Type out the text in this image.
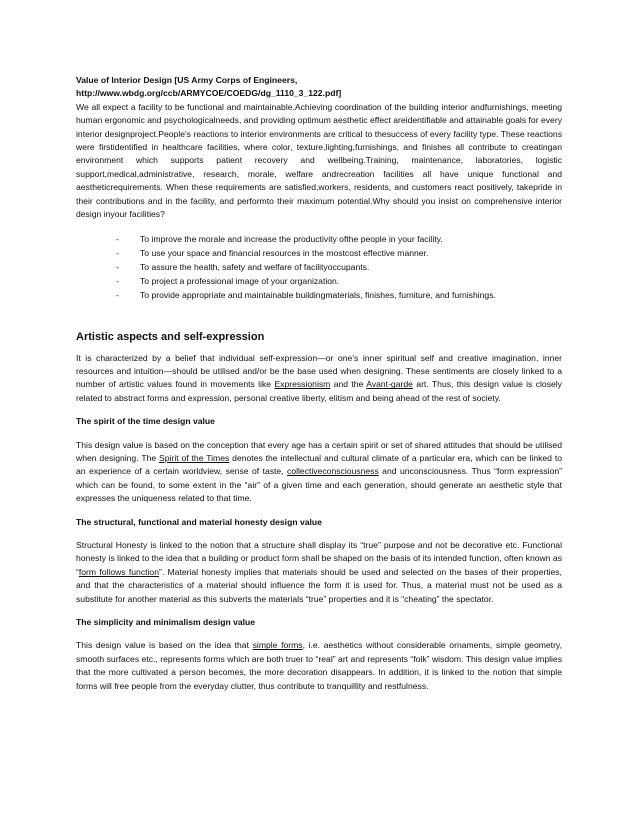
Value of Interior Design [US Army Corps of Engineers,
http://www.wbdg.org/ccb/ARMYCOE/COEDG/dg_1110_3_122.pdf]

We all expect a facility to be functional and maintainable.Achieving coordination of the building interior andfurnishings, meeting human ergonomic and psychologicalneeds, and providing optimum aesthetic effect areidentifiable and attainable goals for every interior designproject.People's reactions to interior environments are critical to thesuccess of every facility type. These reactions were firstidentified in healthcare facilities, where color, texture,lighting,furnishings, and finishes all contribute to creatingan environment which supports patient recovery and wellbeing.Training, maintenance, laboratories, logistic support,medical,administrative, research, morale, welfare andrecreation facilities all have unique functional and aestheticrequirements. When these requirements are satisfied,workers, residents, and customers react positively, takepride in their contributions and in the facility, and performto their maximum potential.Why should you insist on comprehensive interior design inyour facilities?

- To improve the morale and increase the productivity ofthe people in your facility.
- To use your space and financial resources in the mostcost effective manner.
- To assure the health, safety and welfare of facilityoccupants.
- To project a professional image of your organization.
- To provide appropriate and maintainable buildingmaterials, finishes, furniture, and furnishings.
Artistic aspects and self-expression

It is characterized by a belief that individual self-expression—or one’s inner spiritual self and creative imagination, inner resources and intuition—should be utilised and/or be the base used when designing. These sentiments are closely linked to a number of artistic values found in movements like Expressionism and the Avant-garde art. Thus, this design value is closely related to abstract forms and expression, personal creative liberty, elitism and being ahead of the rest of society.

The spirit of the time design value

This design value is based on the conception that every age has a certain spirit or set of shared attitudes that should be utilised when designing. The Spirit of the Times denotes the intellectual and cultural climate of a particular era, which can be linked to an experience of a certain worldview, sense of taste, collectiveconsciousness and unconsciousness. Thus “form expression” which can be found, to some extent in the “air” of a given time and each generation, should generate an aesthetic style that expresses the uniqueness related to that time.

The structural, functional and material honesty design value

Structural Honesty is linked to the notion that a structure shall display its “true” purpose and not be decorative etc. Functional honesty is linked to the idea that a building or product form shall be shaped on the basis of its intended function, often known as “form follows function”. Material honesty implies that materials should be used and selected on the bases of their properties, and that the characteristics of a material should influence the form it is used for. Thus, a material must not be used as a substitute for another material as this subverts the materials “true” properties and it is “cheating” the spectator.

The simplicity and minimalism design value

This design value is based on the idea that simple forms, i.e. aesthetics without considerable ornaments, simple geometry, smooth surfaces etc., represents forms which are both truer to “real” art and represents “folk” wisdom. This design value implies that the more cultivated a person becomes, the more decoration disappears. In addition, it is linked to the notion that simple forms will free people from the everyday clutter, thus contribute to tranquillity and restfulness.
